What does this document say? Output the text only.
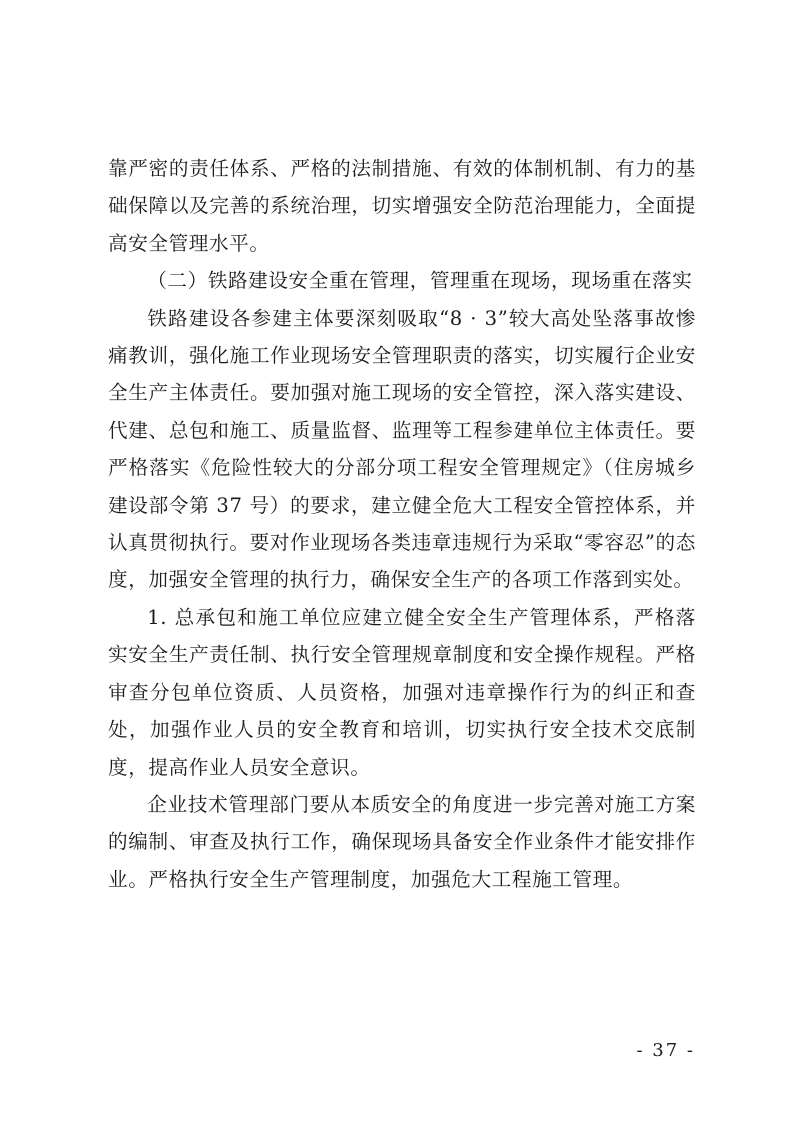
靠严密的责任体系、严格的法制措施、有效的体制机制、有力的基础保障以及完善的系统治理，切实增强安全防范治理能力，全面提高安全管理水平。

（二）铁路建设安全重在管理，管理重在现场，现场重在落实

铁路建设各参建主体要深刻吸取“8 · 3”较大高处坠落事故惨痛教训，强化施工作业现场安全管理职责的落实，切实履行企业安全生产主体责任。要加强对施工现场的安全管控，深入落实建设、代建、总包和施工、质量监督、监理等工程参建单位主体责任。要严格落实《危险性较大的分部分项工程安全管理规定》（住房城乡建设部令第 37 号）的要求，建立健全危大工程安全管控体系，并认真贯彻执行。要对作业现场各类违章违规行为采取“零容忍”的态度，加强安全管理的执行力，确保安全生产的各项工作落到实处。

1. 总承包和施工单位应建立健全安全生产管理体系，严格落实安全生产责任制、执行安全管理规章制度和安全操作规程。严格审查分包单位资质、人员资格，加强对违章操作行为的纠正和查处，加强作业人员的安全教育和培训，切实执行安全技术交底制度，提高作业人员安全意识。

企业技术管理部门要从本质安全的角度进一步完善对施工方案的编制、审查及执行工作，确保现场具备安全作业条件才能安排作业。严格执行安全生产管理制度，加强危大工程施工管理。

- 37 -
